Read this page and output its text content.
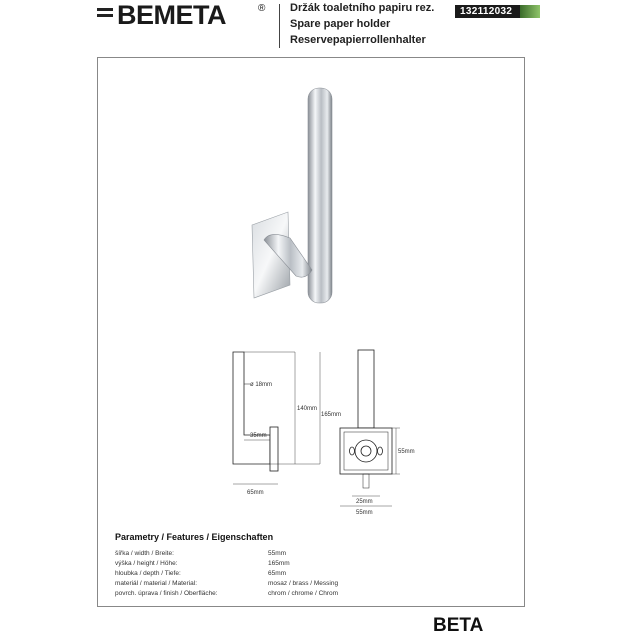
BEMETA	® Držák toaletního papiru rez.
Spare paper holder
Reservepapierrollenhalter
132112032
ø 18mm
140mm
165mm
35mm
65mm
55mm
25mm
55mm
Parametry / Features / Eigenschaften
šířka / width / Breite:	55mm
výška / height / Höhe:	165mm
hloubka / depth / Tiefe:	65mm
materiál / material / Material:	mosaz / brass / Messing
povrch. úprava / finish / Oberfläche:	chrom / chrome / Chrom
BETA
